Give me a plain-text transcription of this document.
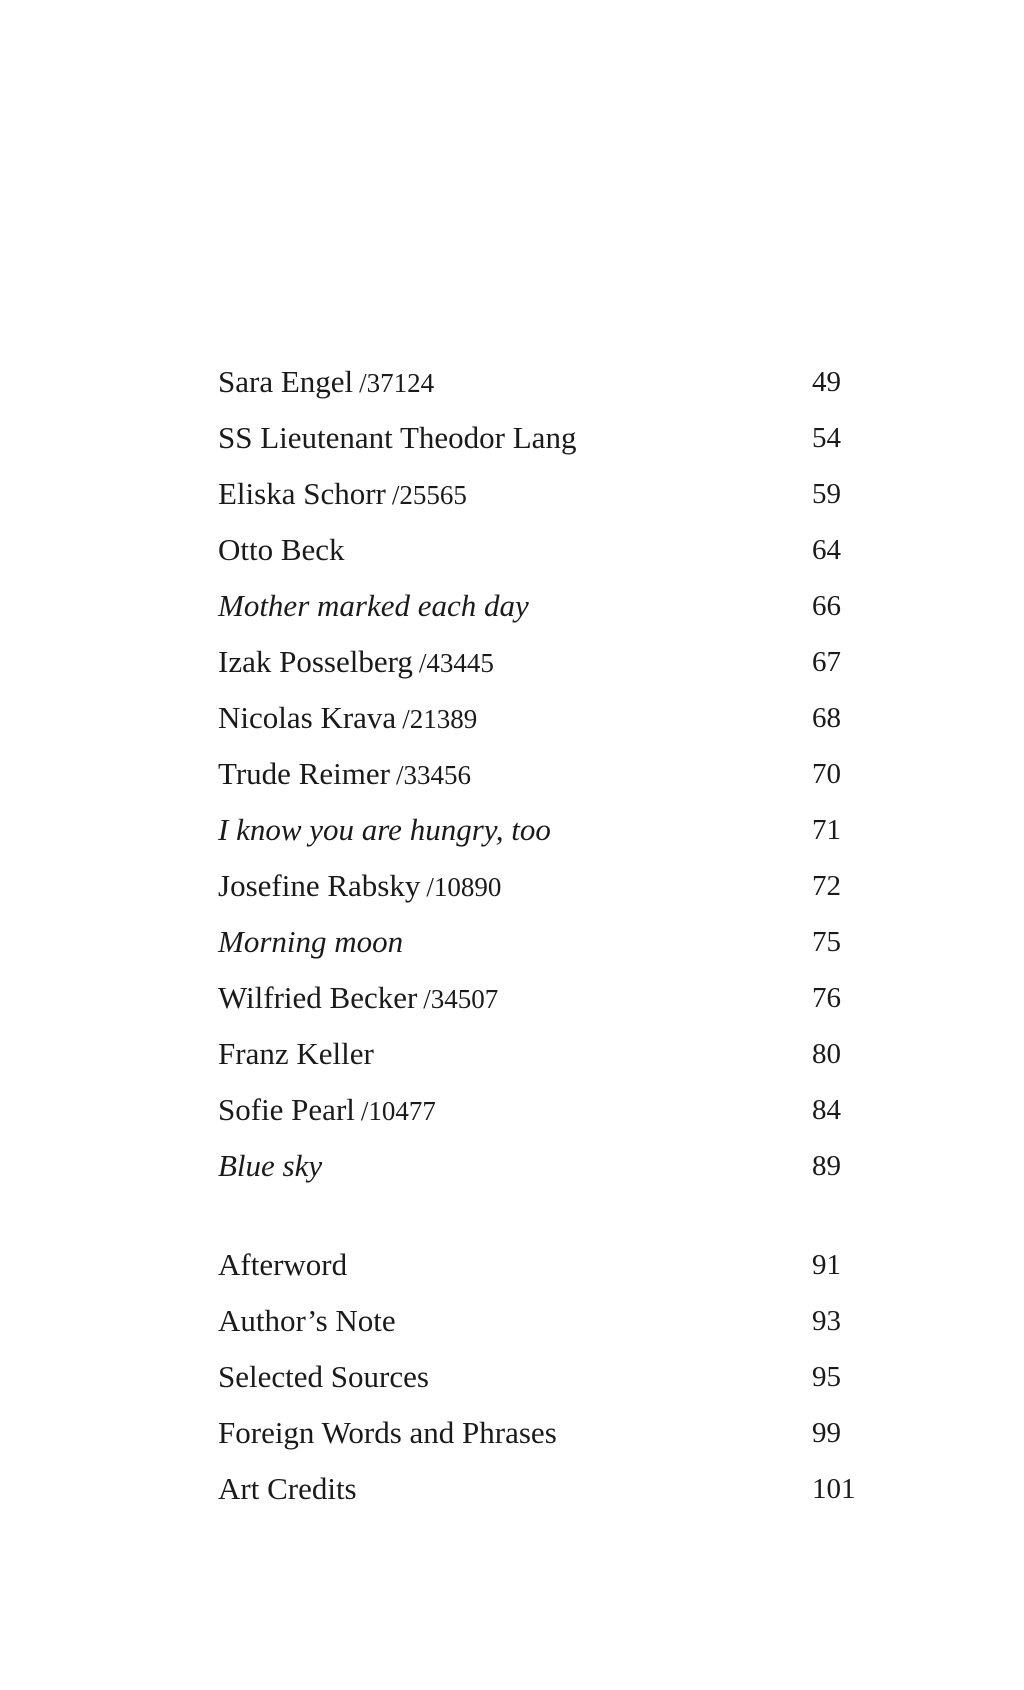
Sara Engel /37124	49
SS Lieutenant Theodor Lang	54
Eliska Schorr /25565	59
Otto Beck	64
Mother marked each day	66
Izak Posselberg /43445	67
Nicolas Krava /21389	68
Trude Reimer /33456	70
I know you are hungry, too	71
Josefine Rabsky /10890	72
Morning moon	75
Wilfried Becker /34507	76
Franz Keller	80
Sofie Pearl /10477	84
Blue sky	89
Afterword	91
Author’s Note	93
Selected Sources	95
Foreign Words and Phrases	99
Art Credits	101
